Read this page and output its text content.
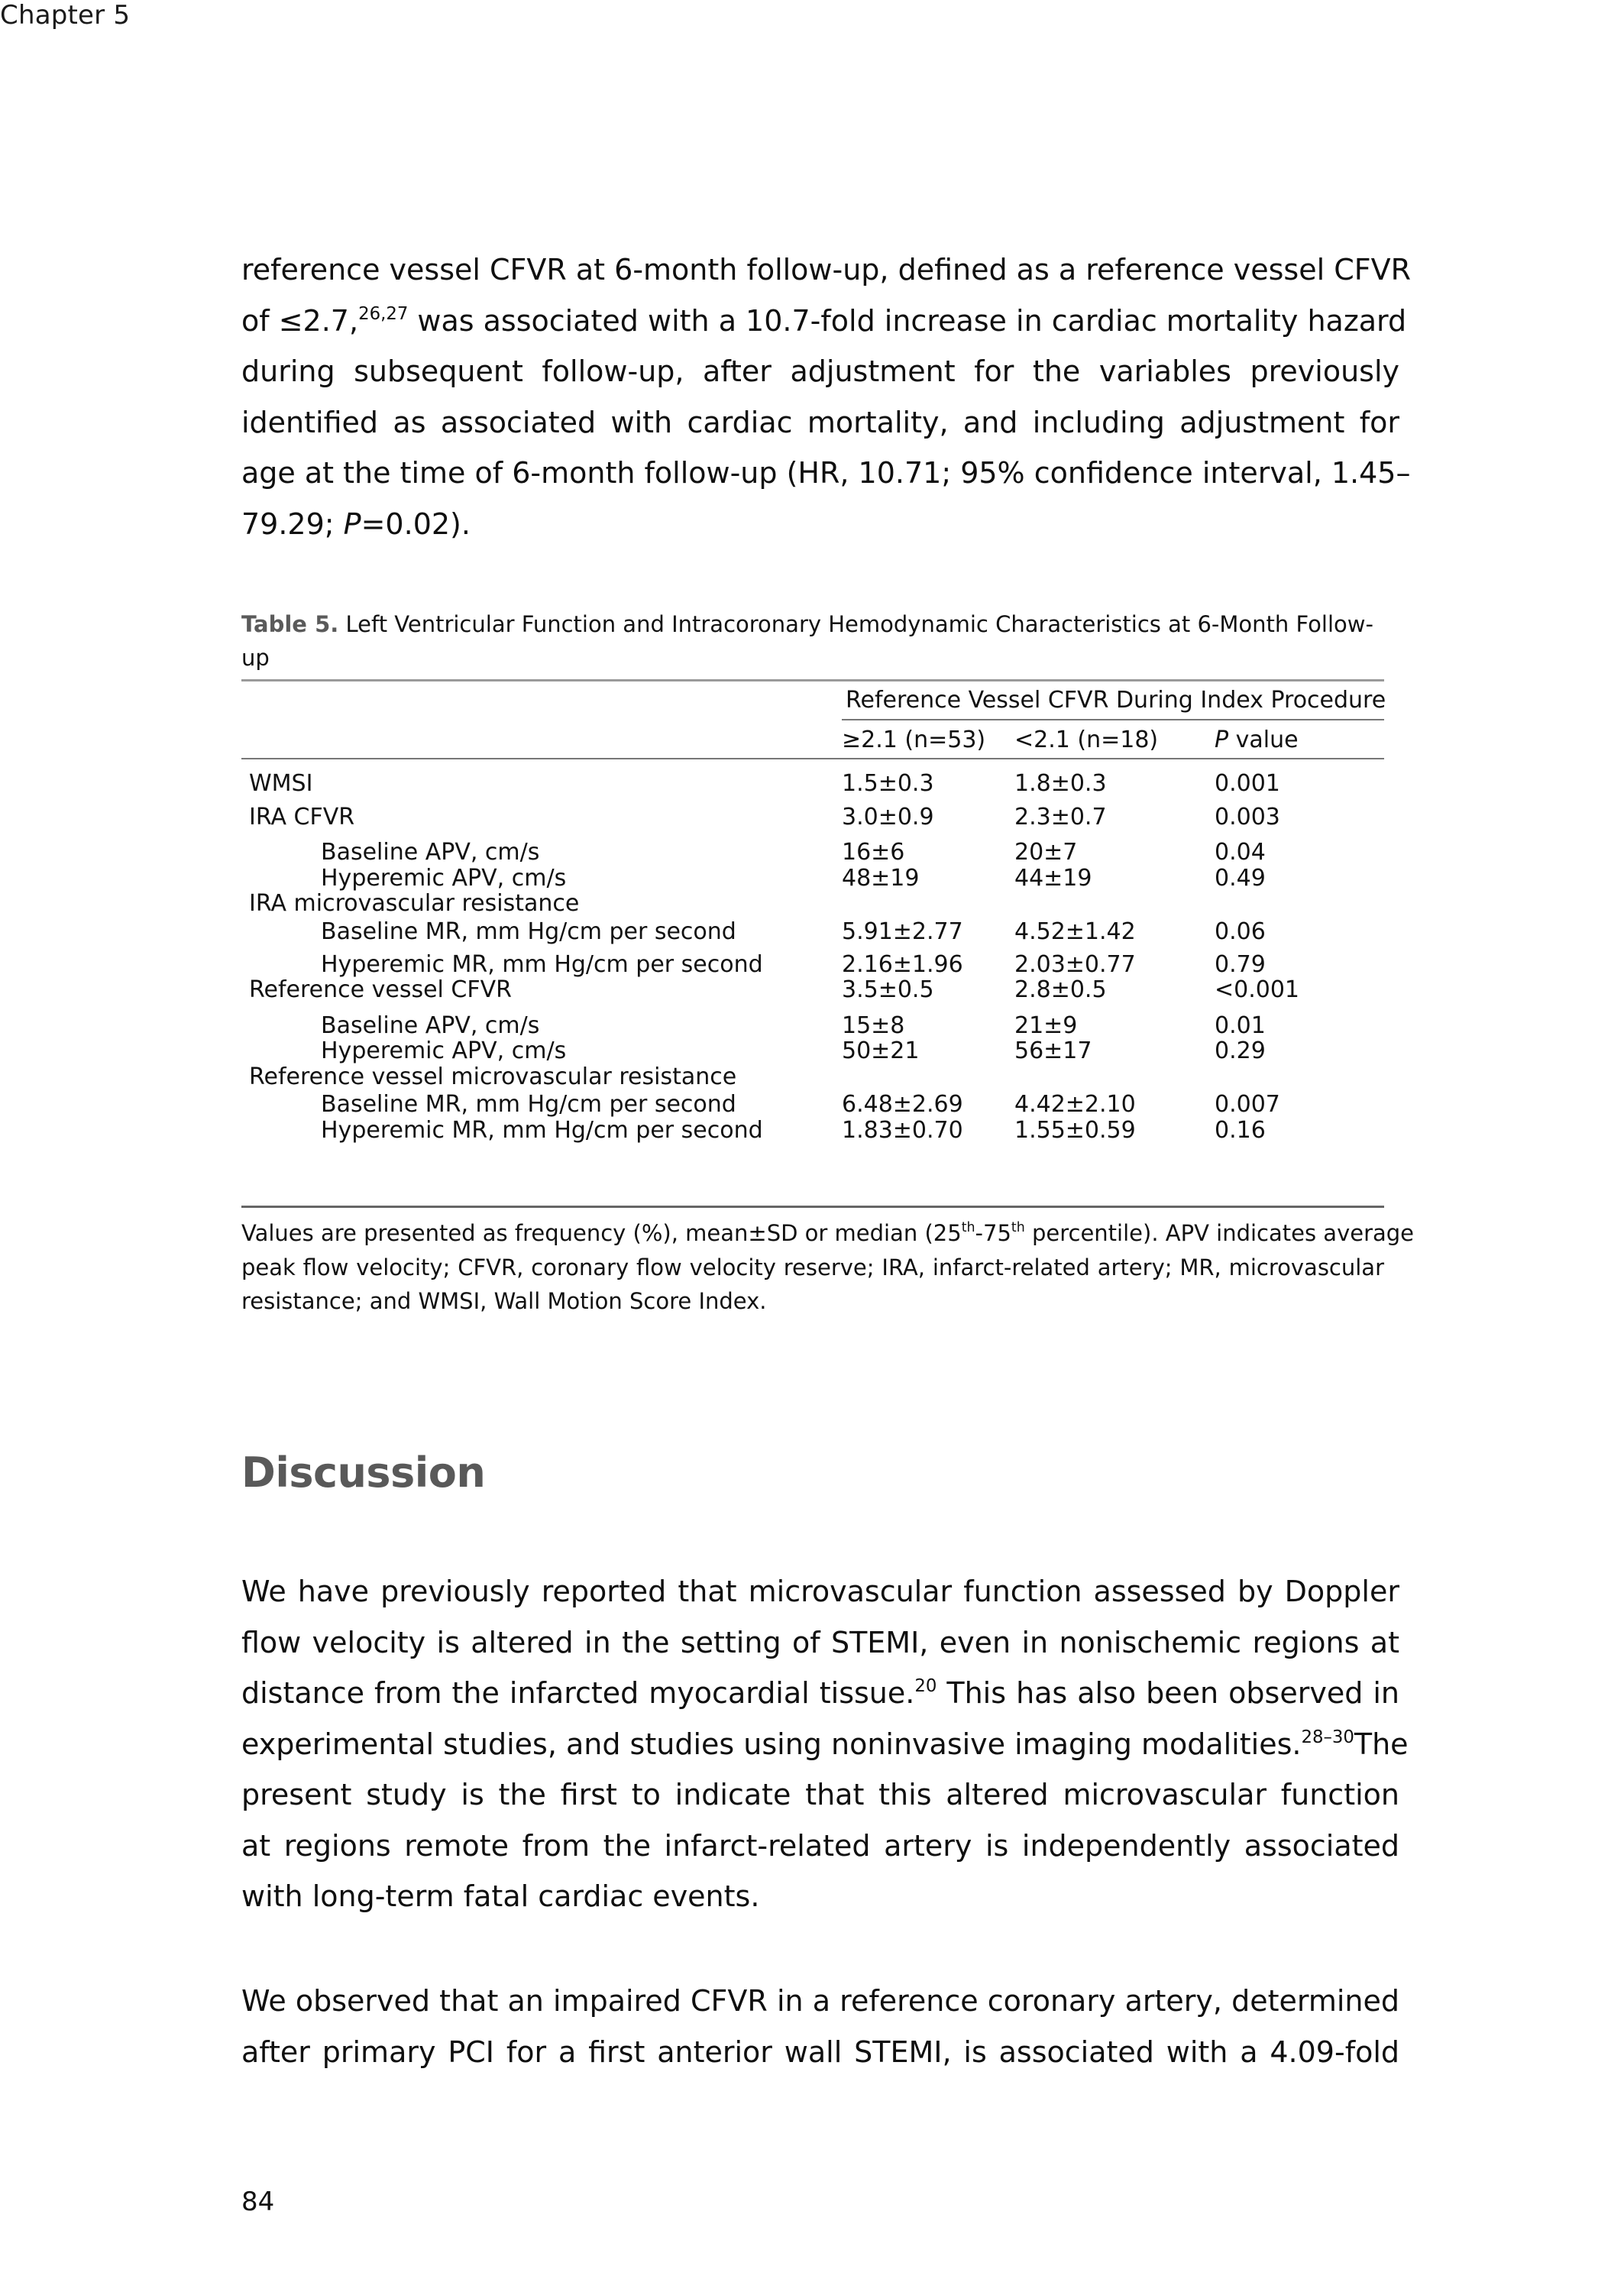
Chapter 5
reference vessel CFVR at 6-month follow-up, defined as a reference vessel CFVR
of ≤2.7,$^{26,27}$ was associated with a 10.7-fold increase in cardiac mortality hazard
during subsequent follow-up, after adjustment for the variables previously
identified as associated with cardiac mortality, and including adjustment for
age at the time of 6-month follow-up (HR, 10.71; 95% confidence interval, 1.45–
79.29; P=0.02).
Table 5. Left Ventricular Function and Intracoronary Hemodynamic Characteristics at 6-Month Follow-up
Reference Vessel CFVR During Index Procedure
≥2.1 (n=53) <2.1 (n=18) P value
WMSI	1.5±0.3	1.8±0.3	0.001
IRA CFVR	3.0±0.9	2.3±0.7	0.003
Baseline APV, cm/s	16±6	20±7	0.04
Hyperemic APV, cm/s	48±19	44±19	0.49
IRA microvascular resistance
Baseline MR, mm Hg/cm per second	5.91±2.77 4.52±1.42	0.06
Hyperemic MR, mm Hg/cm per second	2.16±1.96 2.03±0.77	0.79
Reference vessel CFVR	3.5±0.5	2.8±0.5	<0.001
Baseline APV, cm/s	15±8	21±9	0.01
Hyperemic APV, cm/s	50±21	56±17	0.29
Reference vessel microvascular resistance
Baseline MR, mm Hg/cm per second	6.48±2.69 4.42±2.10	0.007
Hyperemic MR, mm Hg/cm per second	1.83±0.70 1.55±0.59	0.16
Values are presented as frequency (%), mean±SD or median (25th-75th percentile). APV indicates average
peak flow velocity; CFVR, coronary flow velocity reserve; IRA, infarct-related artery; MR, microvascular
resistance; and WMSI, Wall Motion Score Index.
Discussion
We have previously reported that microvascular function assessed by Doppler
flow velocity is altered in the setting of STEMI, even in nonischemic regions at
distance from the infarcted myocardial tissue.$^{20}$ This has also been observed in
experimental studies, and studies using noninvasive imaging modalities.$^{28-30}$The
present study is the first to indicate that this altered microvascular function
at regions remote from the infarct-related artery is independently associated
with long-term fatal cardiac events.
We observed that an impaired CFVR in a reference coronary artery, determined
after primary PCI for a first anterior wall STEMI, is associated with a 4.09-fold
84
